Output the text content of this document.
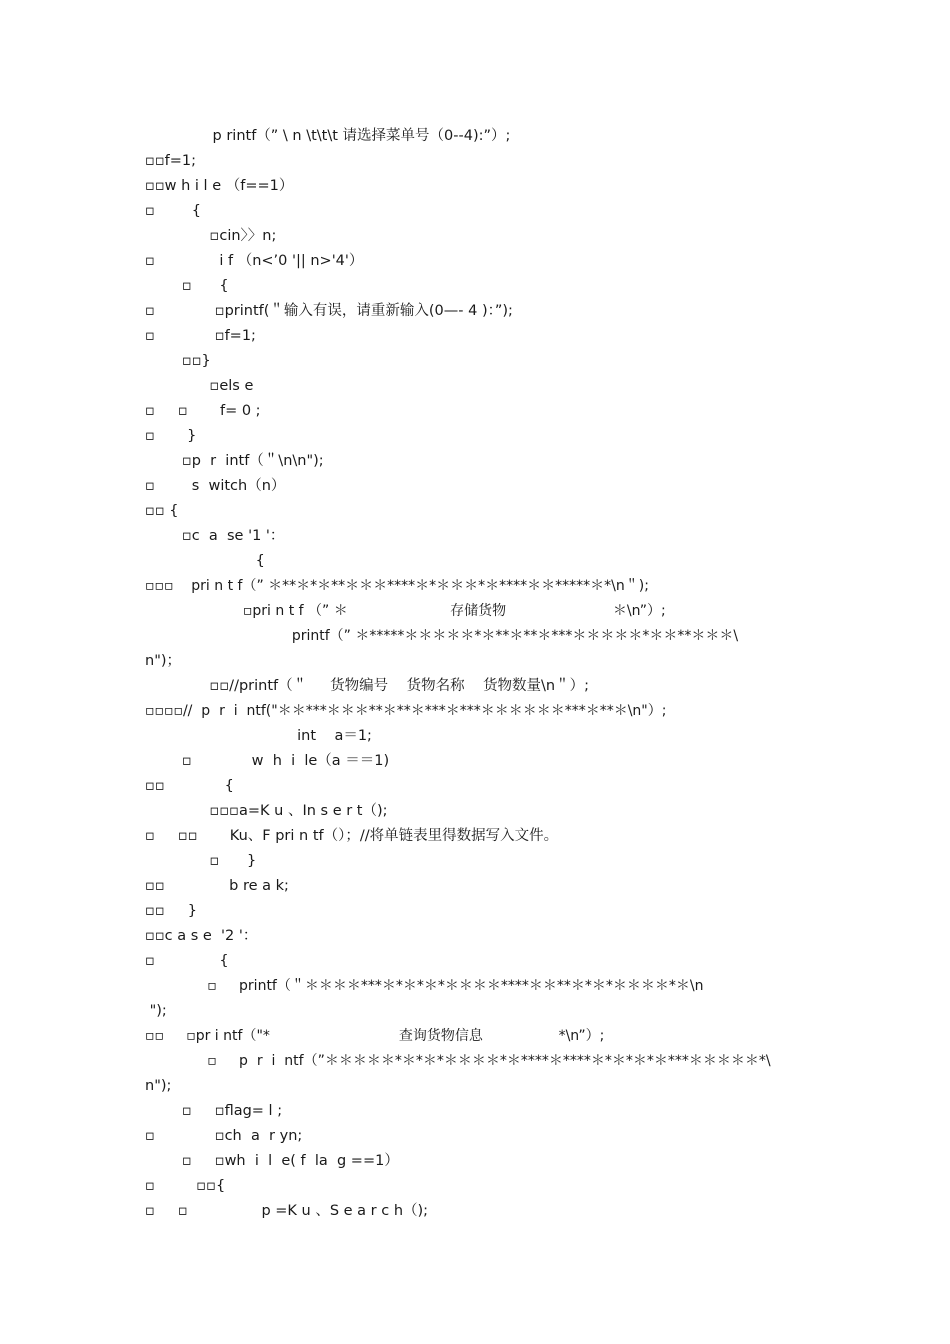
p rintf（” \ n \t\t\t 请选择菜单号（0--4):”）;
▫▫f=1;
▫▫w h i l e （f==1）
▫        {
▫cin〉〉n;
▫              i f （n<’0 '|| n>'4'）
▫      {
▫             ▫printf(＂输入有误，请重新输入(0—- 4 )：”);
▫             ▫f=1;
▫▫}
▫els e
▫     ▫       f= 0 ;
▫       }
▫p  r  intf（＂\n\n");
▫        s  witch（n）
▫▫ {
▫c  a  se '1 '：
{
▫▫▫    pri n t f（” ＊**＊*＊**＊＊＊****＊*＊＊＊*＊****＊＊*****＊*\n＂);
▫pri n t f （” ＊                       存储货物                        ＊\n”）;
printf（” ＊*****＊＊＊＊＊*＊**＊**＊***＊＊＊＊＊*＊＊**＊＊＊\
n")；
▫▫//printf（＂     货物编号    货物名称    货物数量\n＂）;
▫▫▫▫//  p  r  i  ntf("＊＊***＊＊＊**＊**＊***＊***＊＊＊＊＊＊***＊**＊\n"）;
int    a＝1;
▫             w  h  i  le（a ＝＝1)
▫▫             {
▫▫▫a=K u 、In s e r t（);
▫     ▫▫       Ku、F pri n tf（）；//将单链表里得数据写入文件。
▫      }
▫▫              b re a k;
▫▫     }
▫▫c a s e  '2 '：
▫              {
▫     printf（＂＊＊＊＊***＊*＊*＊*＊＊＊＊****＊＊**＊*＊*＊＊＊＊*＊\n
");
▫▫     ▫pr i ntf（"*                             查询货物信息                 *\n”）;
▫     p  r  i  ntf（”＊＊＊＊＊*＊*＊*＊＊＊＊*＊****＊****＊*＊*＊*＊***＊＊＊＊＊*\
n");
▫     ▫flag= l ;
▫             ▫ch  a  r yn;
▫     ▫wh  i  l  e( f  la  g ==1）
▫         ▫▫{
▫     ▫                p =K u 、S e a r c h（);
